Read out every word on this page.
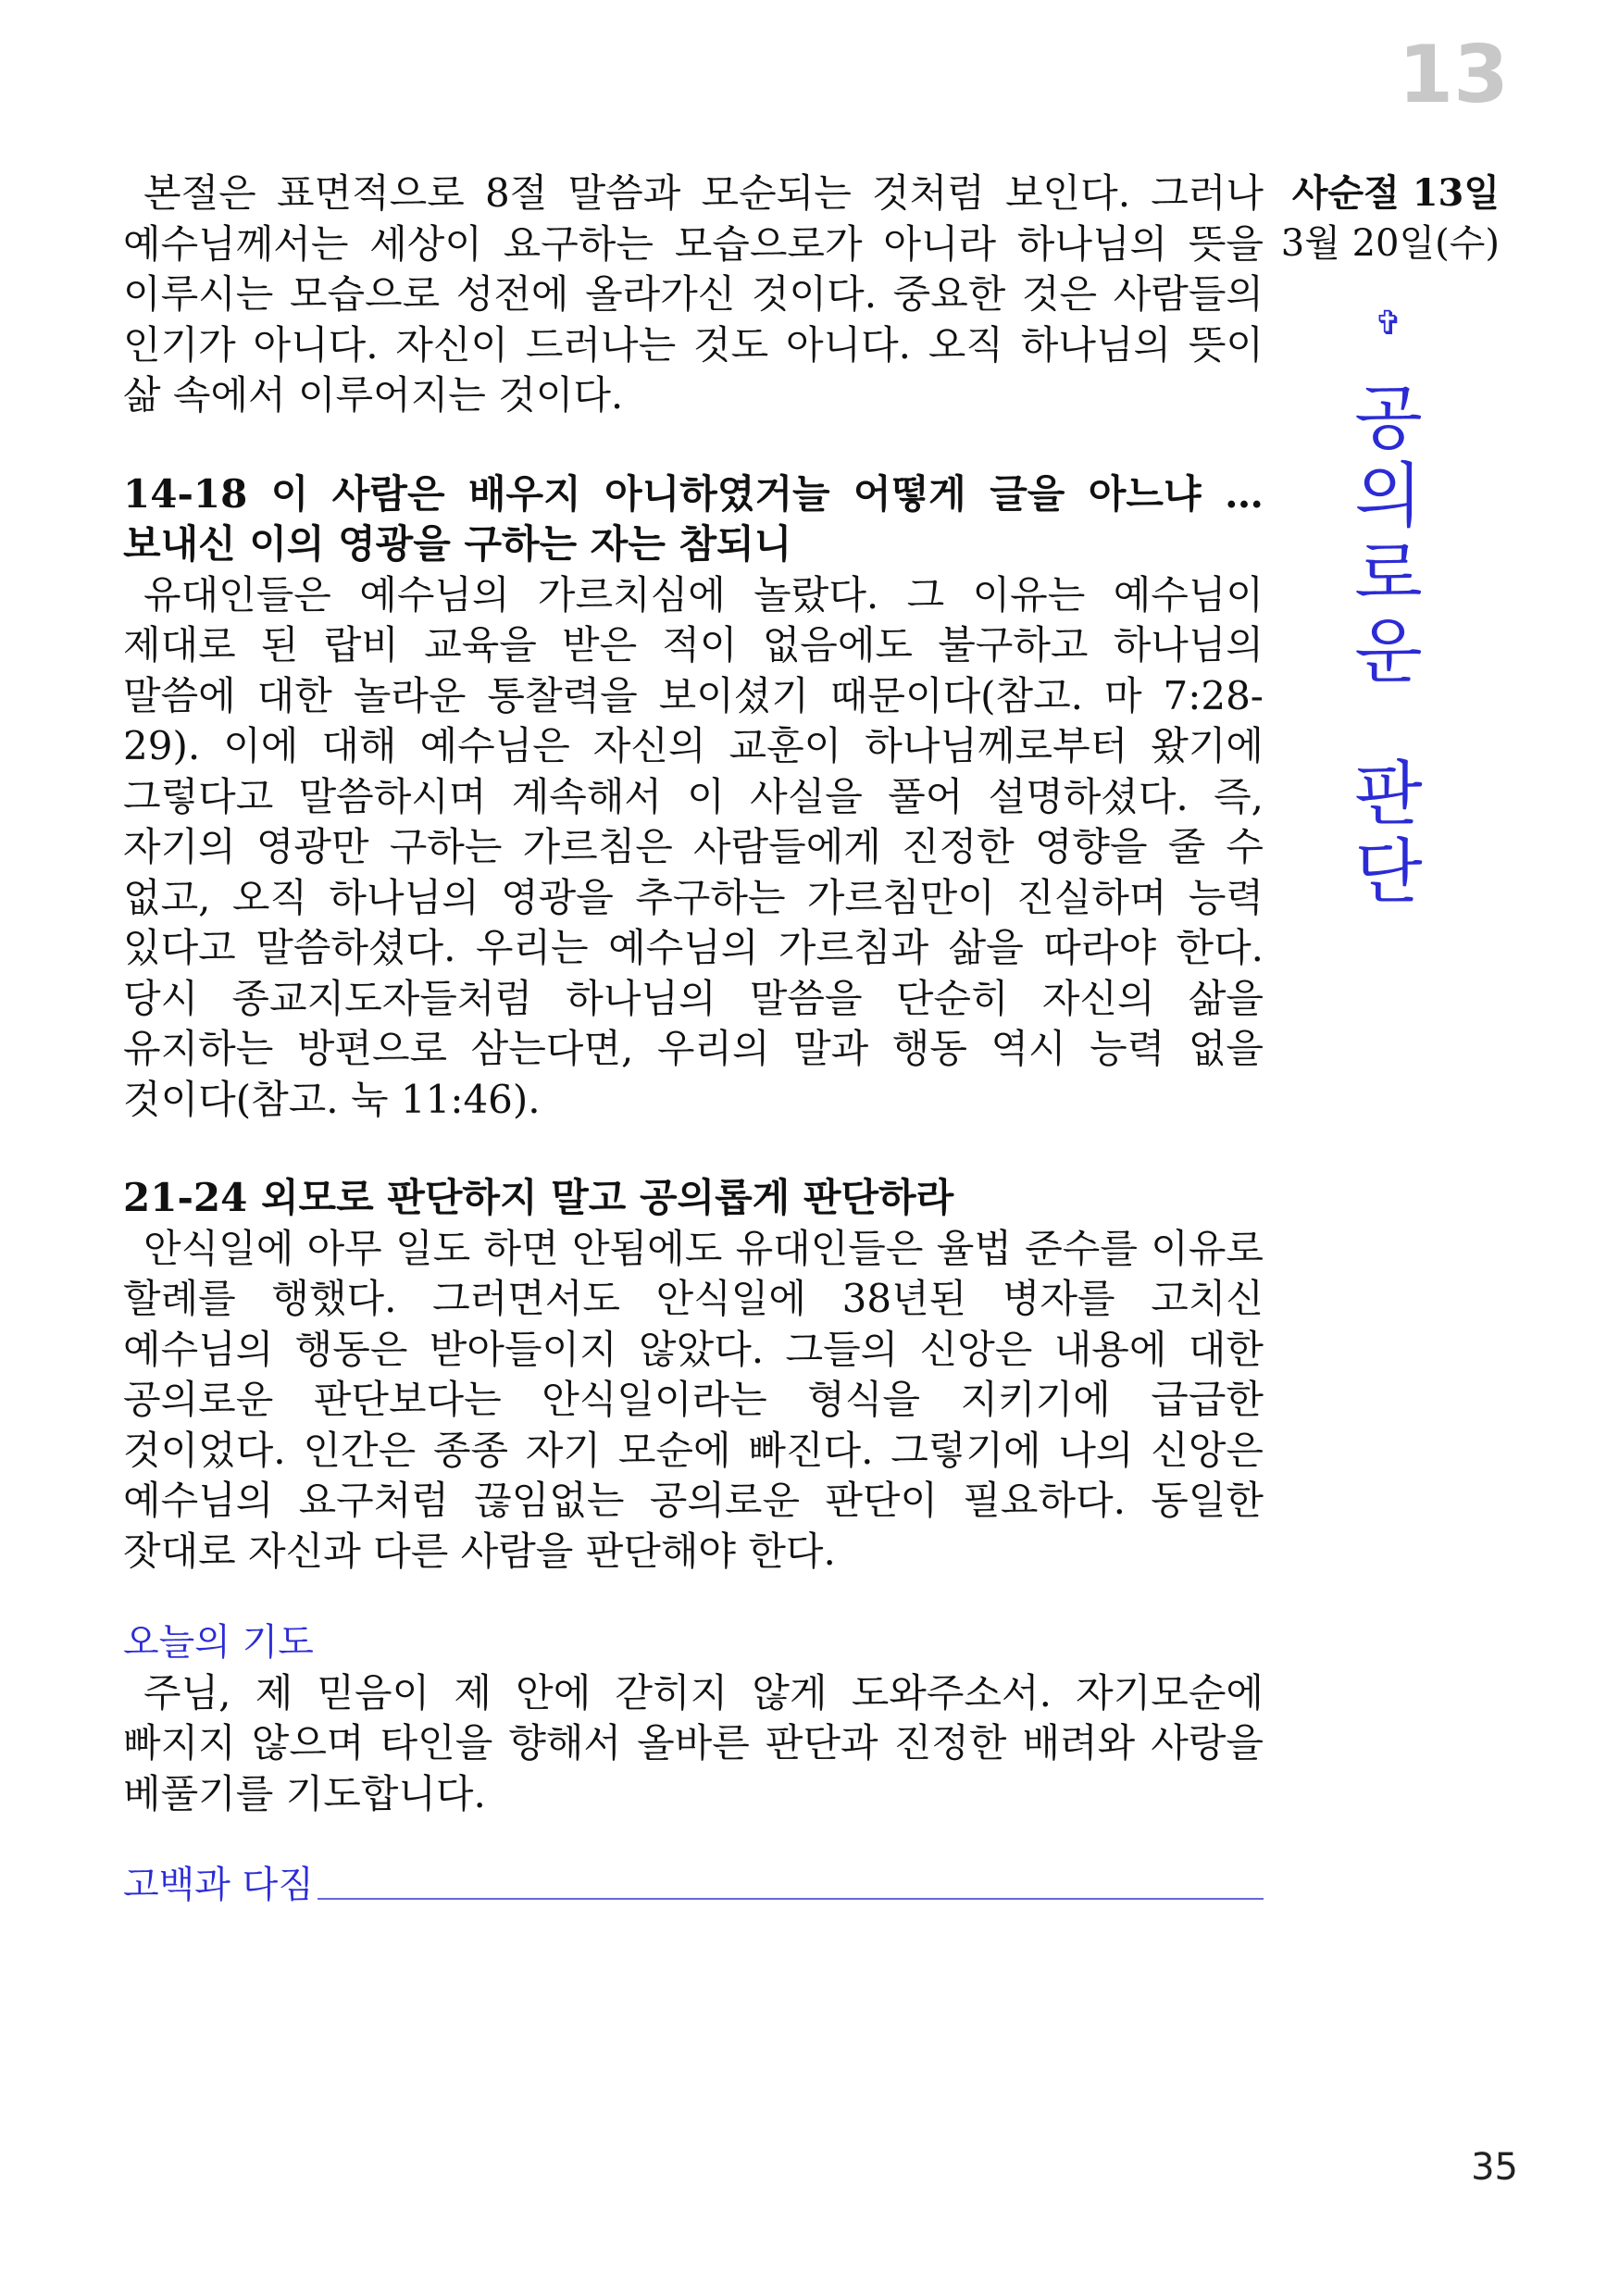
13

본절은 표면적으로 8절 말씀과 모순되는 것처럼 보인다. 그러나 예수님께서는 세상이 요구하는 모습으로가 아니라 하나님의 뜻을 이루시는 모습으로 성전에 올라가신 것이다. 중요한 것은 사람들의 인기가 아니다. 자신이 드러나는 것도 아니다. 오직 하나님의 뜻이 삶 속에서 이루어지는 것이다.

14-18 이 사람은 배우지 아니하였거늘 어떻게 글을 아느냐 … 보내신 이의 영광을 구하는 자는 참되니

유대인들은 예수님의 가르치심에 놀랐다. 그 이유는 예수님이 제대로 된 랍비 교육을 받은 적이 없음에도 불구하고 하나님의 말씀에 대한 놀라운 통찰력을 보이셨기 때문이다(참고. 마 7:28-29). 이에 대해 예수님은 자신의 교훈이 하나님께로부터 왔기에 그렇다고 말씀하시며 계속해서 이 사실을 풀어 설명하셨다. 즉, 자기의 영광만 구하는 가르침은 사람들에게 진정한 영향을 줄 수 없고, 오직 하나님의 영광을 추구하는 가르침만이 진실하며 능력 있다고 말씀하셨다. 우리는 예수님의 가르침과 삶을 따라야 한다. 당시 종교지도자들처럼 하나님의 말씀을 단순히 자신의 삶을 유지하는 방편으로 삼는다면, 우리의 말과 행동 역시 능력 없을 것이다(참고. 눅 11:46).

21-24 외모로 판단하지 말고 공의롭게 판단하라

안식일에 아무 일도 하면 안됨에도 유대인들은 율법 준수를 이유로 할례를 행했다. 그러면서도 안식일에 38년된 병자를 고치신 예수님의 행동은 받아들이지 않았다. 그들의 신앙은 내용에 대한 공의로운 판단보다는 안식일이라는 형식을 지키기에 급급한 것이었다. 인간은 종종 자기 모순에 빠진다. 그렇기에 나의 신앙은 예수님의 요구처럼 끊임없는 공의로운 판단이 필요하다. 동일한 잣대로 자신과 다른 사람을 판단해야 한다.

오늘의 기도

주님, 제 믿음이 제 안에 갇히지 않게 도와주소서. 자기모순에 빠지지 않으며 타인을 향해서 올바른 판단과 진정한 배려와 사랑을 베풀기를 기도합니다.

고백과 다짐
사순절 13일
3월 20일(수)
✞
공
의
로
운
판
단
35
